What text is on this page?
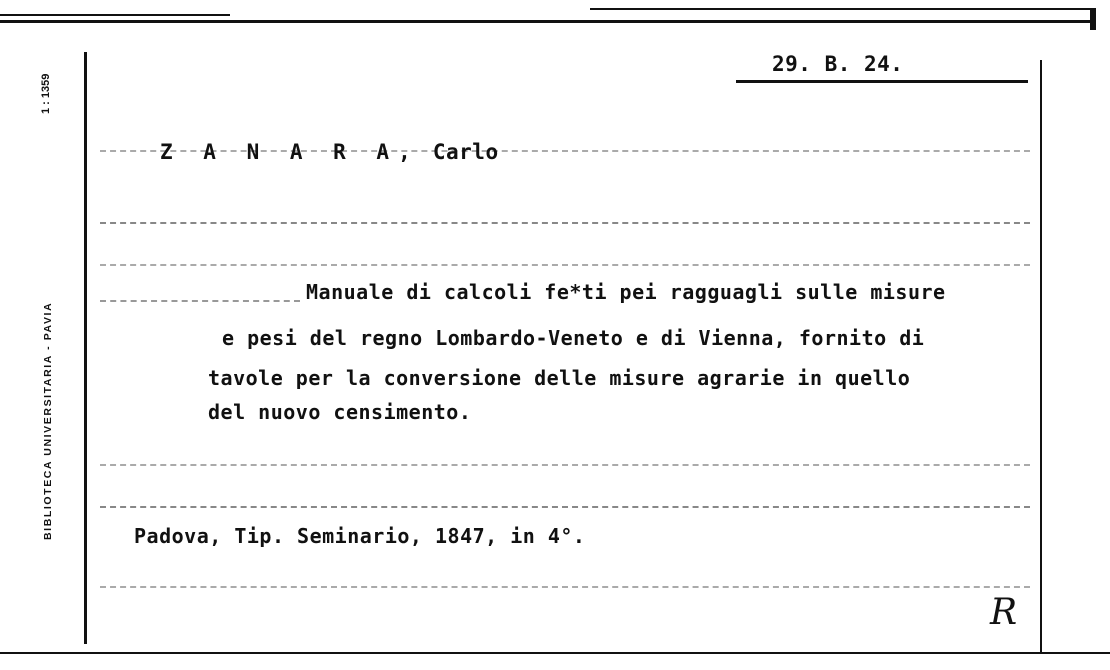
29. B. 24.
Z A N A R A, Carlo
Manuale di calcoli fe*ti pei ragguagli sulle misure
e pesi del regno Lombardo-Veneto e di Vienna, fornito di
tavole per la conversione delle misure agrarie in quello
del nuovo censimento.
Padova, Tip. Seminario, 1847, in 4°.
BIBLIOTECA UNIVERSITARIA - PAVIA
1 : 1359
R
